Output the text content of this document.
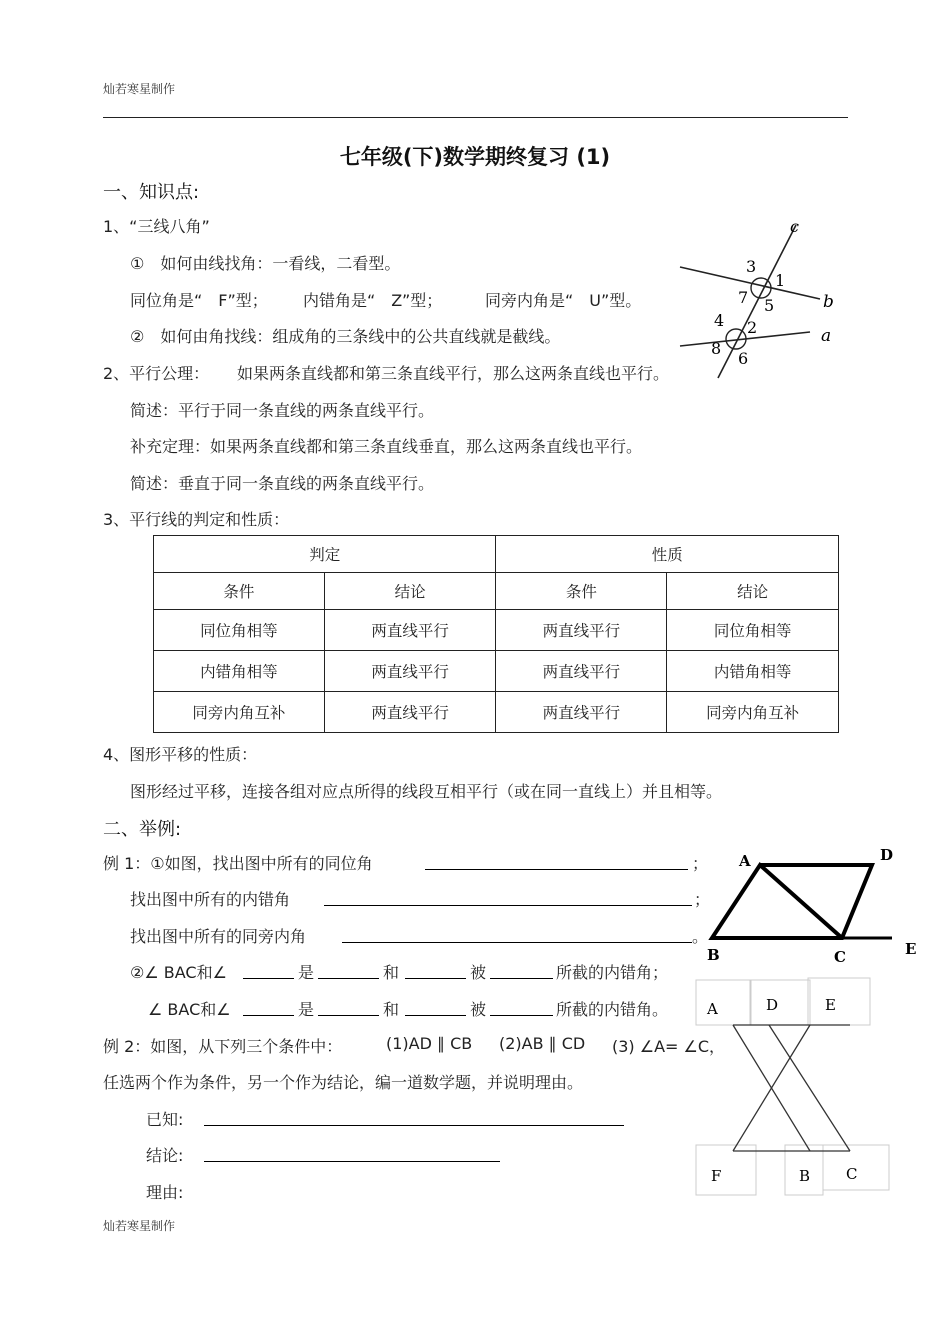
灿若寒星制作
七年级(下)数学期终复习 (1)
一、知识点:
1、“三线八角”
①　如何由线找角：一看线，二看型。
同位角是“　F”型； 内错角是“　Z”型；	同旁内角是“　U”型。
②　如何由角找线：组成角的三条线中的公共直线就是截线。
2、平行公理： 如果两条直线都和第三条直线平行，那么这两条直线也平行。
简述：平行于同一条直线的两条直线平行。
补充定理：如果两条直线都和第三条直线垂直，那么这两条直线也平行。
简述：垂直于同一条直线的两条直线平行。
3、平行线的判定和性质：
c
b
a
1
2
3
4
5
6
7
8
判定		性质	
条件	结论	条件	结论
同位角相等	两直线平行	两直线平行	同位角相等
内错角相等	两直线平行	两直线平行	内错角相等
同旁内角互补	两直线平行	两直线平行	同旁内角互补
4、图形平移的性质：
图形经过平移，连接各组对应点所得的线段互相平行（或在同一直线上）并且相等。
二、举例:
例 1：①如图，找出图中所有的同位角	；
找出图中所有的内错角	；
找出图中所有的同旁内角	。
②∠ BAC和∠	是	和	被	所截的内错角；
∠ BAC和∠	是	和	被	所截的内错角。
A	D
B	C	E
例 2：如图，从下列三个条件中：	(1)AD ∥ CB (2)AB ∥ CD (3) ∠A= ∠C，
任选两个作为条件，另一个作为结论，编一道数学题，并说明理由。
已知:
结论:
理由:
A	D	E
F	B C
灿若寒星制作
